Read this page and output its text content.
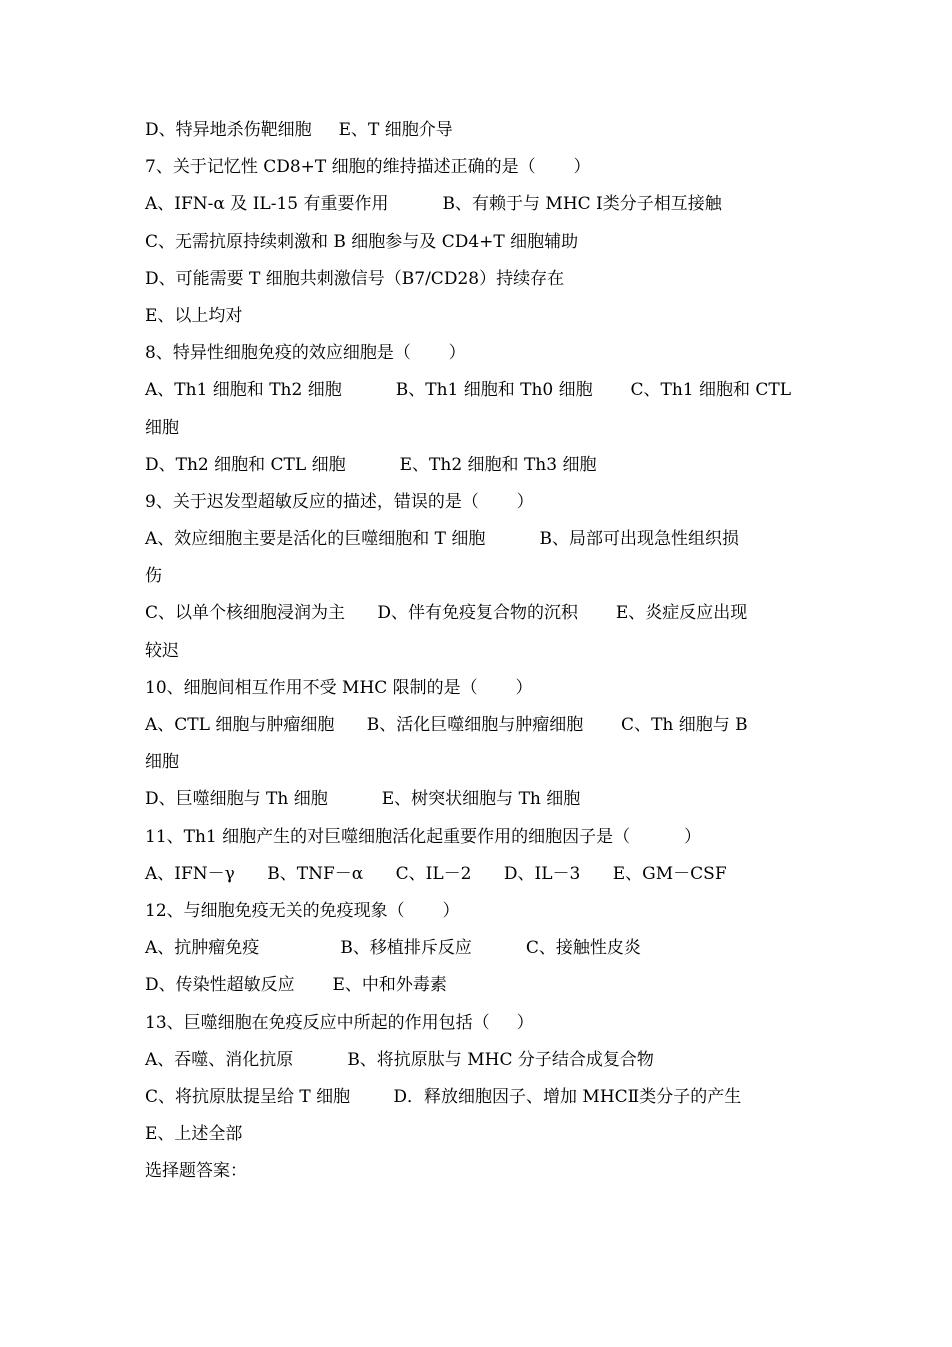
D、特异地杀伤靶细胞     E、T 细胞介导
7、关于记忆性 CD8+T 细胞的维持描述正确的是（       ）
A、IFN-α 及 IL-15 有重要作用          B、有赖于与 MHC Ⅰ类分子相互接触
C、无需抗原持续刺激和 B 细胞参与及 CD4+T 细胞辅助
D、可能需要 T 细胞共刺激信号（B7/CD28）持续存在
E、以上均对
8、特异性细胞免疫的效应细胞是（       ）
A、Th1 细胞和 Th2 细胞          B、Th1 细胞和 Th0 细胞       C、Th1 细胞和 CTL
细胞
D、Th2 细胞和 CTL 细胞          E、Th2 细胞和 Th3 细胞
9、关于迟发型超敏反应的描述，错误的是（       ）
A、效应细胞主要是活化的巨噬细胞和 T 细胞          B、局部可出现急性组织损
伤
C、以单个核细胞浸润为主      D、伴有免疫复合物的沉积       E、炎症反应出现
较迟
10、细胞间相互作用不受 MHC 限制的是（       ）
A、CTL 细胞与肿瘤细胞      B、活化巨噬细胞与肿瘤细胞       C、Th 细胞与 B
细胞
D、巨噬细胞与 Th 细胞          E、树突状细胞与 Th 细胞
11、Th1 细胞产生的对巨噬细胞活化起重要作用的细胞因子是（          ）
A、IFN－γ      B、TNF－α      C、IL－2      D、IL－3      E、GM－CSF
12、与细胞免疫无关的免疫现象（       ）
A、抗肿瘤免疫               B、移植排斥反应          C、接触性皮炎
D、传染性超敏反应       E、中和外毒素
13、巨噬细胞在免疫反应中所起的作用包括（     ）
A、吞噬、消化抗原          B、将抗原肽与 MHC 分子结合成复合物
C、将抗原肽提呈给 T 细胞        D．释放细胞因子、增加 MHCⅡ类分子的产生
E、上述全部
选择题答案：
